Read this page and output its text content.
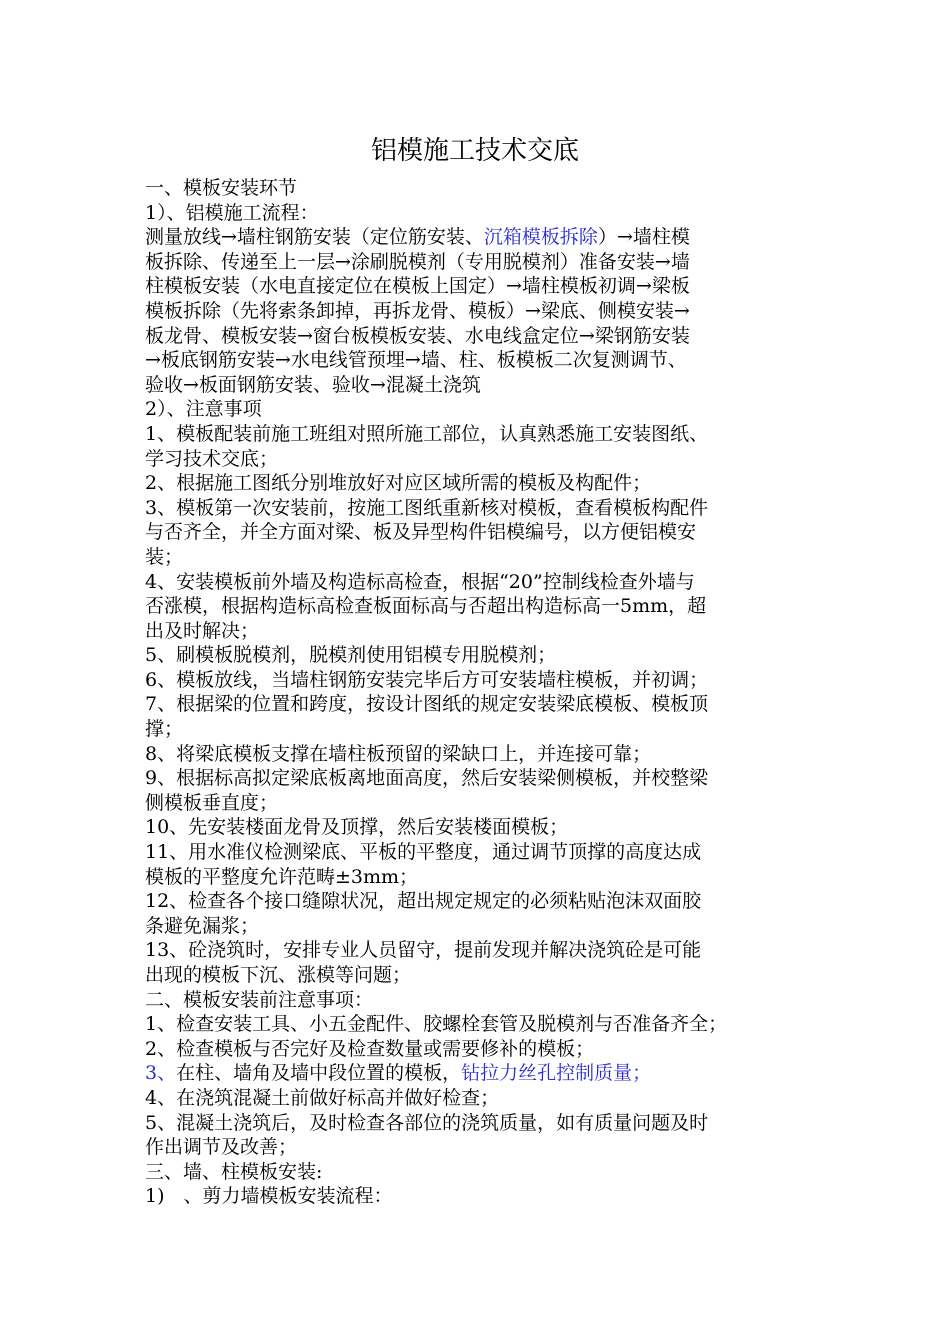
铝模施工技术交底
一、模板安装环节
1）、铝模施工流程：
测量放线→墙柱钢筋安装（定位筋安装、沉箱模板拆除）→墙柱模
板拆除、传递至上一层→涂刷脱模剂（专用脱模剂）准备安装→墙
柱模板安装（水电直接定位在模板上国定）→墙柱模板初调→梁板
模板拆除（先将索条卸掉，再拆龙骨、模板）→梁底、侧模安装→
板龙骨、模板安装→窗台板模板安装、水电线盒定位→梁钢筋安装
→板底钢筋安装→水电线管预埋→墙、柱、板模板二次复测调节、
验收→板面钢筋安装、验收→混凝土浇筑
2）、注意事项
1、模板配装前施工班组对照所施工部位，认真熟悉施工安装图纸、
学习技术交底；
2、根据施工图纸分别堆放好对应区域所需的模板及构配件；
3、模板第一次安装前，按施工图纸重新核对模板，查看模板构配件
与否齐全，并全方面对梁、板及异型构件铝模编号，以方便铝模安
装；
4、安装模板前外墙及构造标高检查，根据“20”控制线检查外墙与
否涨模，根据构造标高检查板面标高与否超出构造标高一5mm，超
出及时解决；
5、刷模板脱模剂，脱模剂使用铝模专用脱模剂；
6、模板放线，当墙柱钢筋安装完毕后方可安装墙柱模板，并初调；
7、根据梁的位置和跨度，按设计图纸的规定安装梁底模板、模板顶
撑；
8、将梁底模板支撑在墙柱板预留的梁缺口上，并连接可靠；
9、根据标高拟定梁底板离地面高度，然后安装梁侧模板，并校整梁
侧模板垂直度；
10、先安装楼面龙骨及顶撑，然后安装楼面模板；
11、用水准仪检测梁底、平板的平整度，通过调节顶撑的高度达成
模板的平整度允许范畴±3mm；
12、检查各个接口缝隙状况，超出规定规定的必须粘贴泡沫双面胶
条避免漏浆；
13、砼浇筑时，安排专业人员留守，提前发现并解决浇筑砼是可能
出现的模板下沉、涨模等问题；
二、模板安装前注意事项：
1、检查安装工具、小五金配件、胶螺栓套管及脱模剂与否准备齐全；
2、检查模板与否完好及检查数量或需要修补的模板；
3、在柱、墙角及墙中段位置的模板，钻拉力丝孔控制质量；
4、在浇筑混凝土前做好标高并做好检查；
5、混凝土浇筑后，及时检查各部位的浇筑质量，如有质量问题及时
作出调节及改善；
三、墙、柱模板安装:
1)　、剪力墙模板安装流程：
